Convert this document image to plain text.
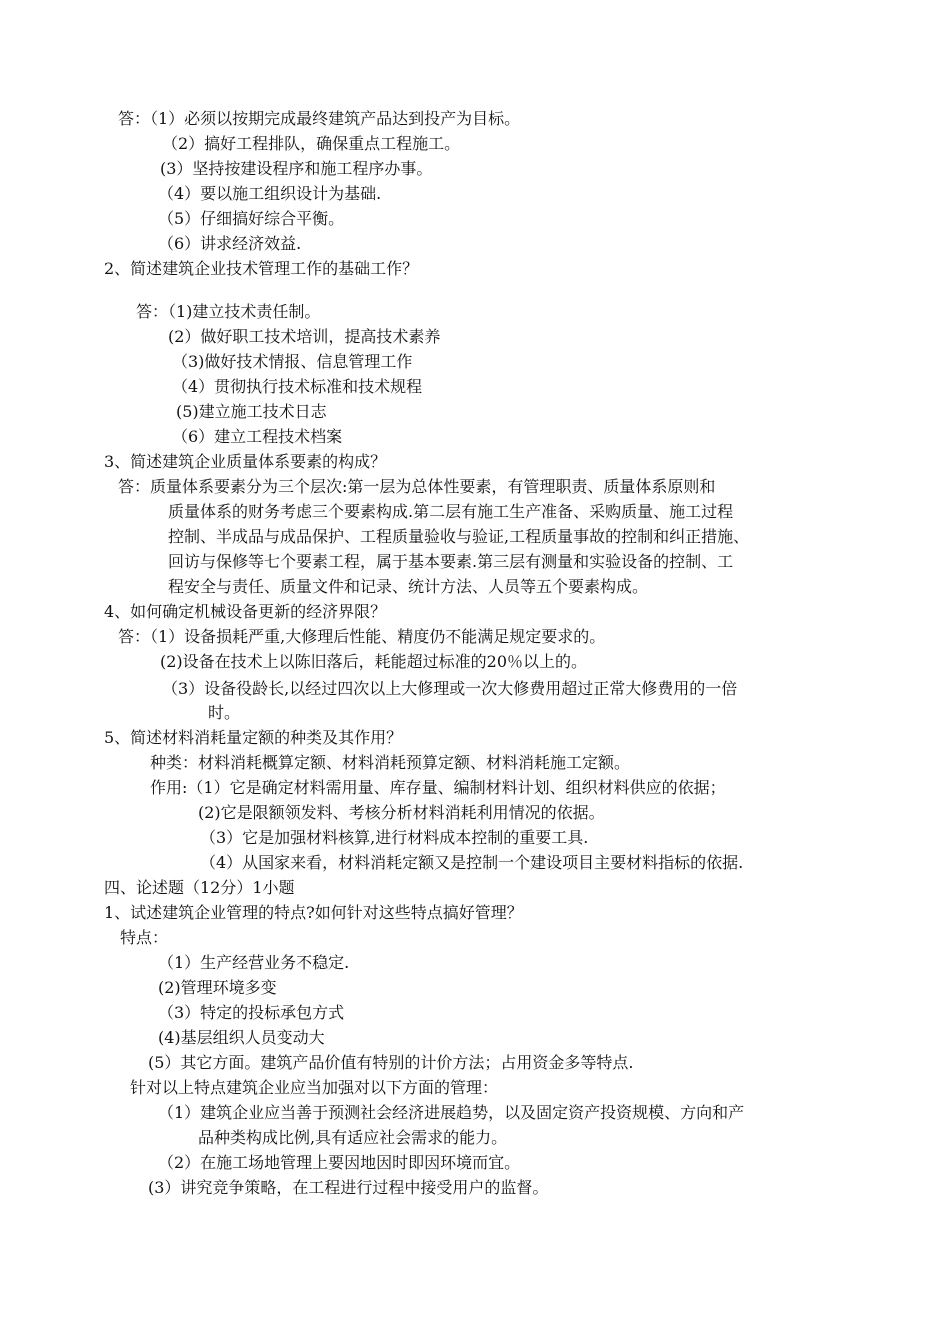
答：（1）必须以按期完成最终建筑产品达到投产为目标。
（2）搞好工程排队，确保重点工程施工。
(3）坚持按建设程序和施工程序办事。
（4）要以施工组织设计为基础.
（5）仔细搞好综合平衡。
（6）讲求经济效益.
2、简述建筑企业技术管理工作的基础工作？
答：（1)建立技术责任制。
(2）做好职工技术培训，提高技术素养
（3)做好技术情报、信息管理工作
（4）贯彻执行技术标准和技术规程
(5)建立施工技术日志
（6）建立工程技术档案
3、简述建筑企业质量体系要素的构成？
答：质量体系要素分为三个层次:第一层为总体性要素，有管理职责、质量体系原则和
质量体系的财务考虑三个要素构成.第二层有施工生产准备、采购质量、施工过程
控制、半成品与成品保护、工程质量验收与验证,工程质量事故的控制和纠正措施、
回访与保修等七个要素工程，属于基本要素.第三层有测量和实验设备的控制、工
程安全与责任、质量文件和记录、统计方法、人员等五个要素构成。
4、如何确定机械设备更新的经济界限？
答：（1）设备损耗严重,大修理后性能、精度仍不能满足规定要求的。
(2)设备在技术上以陈旧落后，耗能超过标准的20％以上的。
（3）设备役龄长,以经过四次以上大修理或一次大修费用超过正常大修费用的一倍
时。
5、简述材料消耗量定额的种类及其作用？
种类：材料消耗概算定额、材料消耗预算定额、材料消耗施工定额。
作用:（1）它是确定材料需用量、库存量、编制材料计划、组织材料供应的依据；
(2)它是限额领发料、考核分析材料消耗利用情况的依据。
（3）它是加强材料核算,进行材料成本控制的重要工具.
（4）从国家来看，材料消耗定额又是控制一个建设项目主要材料指标的依据.
四、论述题（12分）1小题
1、试述建筑企业管理的特点?如何针对这些特点搞好管理？
特点：
（1）生产经营业务不稳定.
(2)管理环境多变
（3）特定的投标承包方式
(4)基层组织人员变动大
(5）其它方面。建筑产品价值有特别的计价方法；占用资金多等特点.
针对以上特点建筑企业应当加强对以下方面的管理：
（1）建筑企业应当善于预测社会经济进展趋势，以及固定资产投资规模、方向和产
品种类构成比例,具有适应社会需求的能力。
（2）在施工场地管理上要因地因时即因环境而宜。
(3）讲究竞争策略，在工程进行过程中接受用户的监督。
